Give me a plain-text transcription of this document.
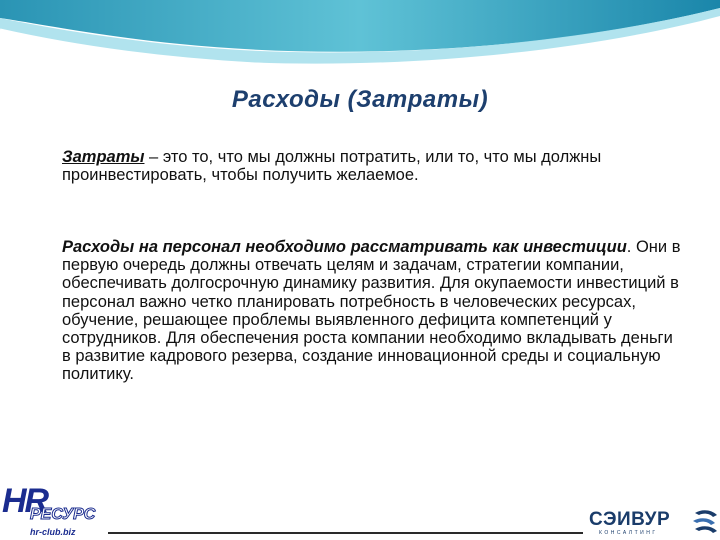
Расходы (Затраты)

Затраты – это то, что мы должны потратить, или то, что мы должны проинвестировать, чтобы получить желаемое.

Расходы на персонал необходимо рассматривать как инвестиции. Они в первую очередь должны отвечать целям и задачам, стратегии компании, обеспечивать долгосрочную динамику развития. Для окупаемости инвестиций в персонал важно четко планировать потребность в человеческих ресурсах, обучение, решающее проблемы выявленного дефицита компетенций у сотрудников. Для обеспечения роста компании необходимо вкладывать деньги в развитие кадрового резерва, создание инновационной среды и социальную политику.

HR
РЕСУРС
hr-club.biz
СЭИВУР
КОНСАЛТИНГ
